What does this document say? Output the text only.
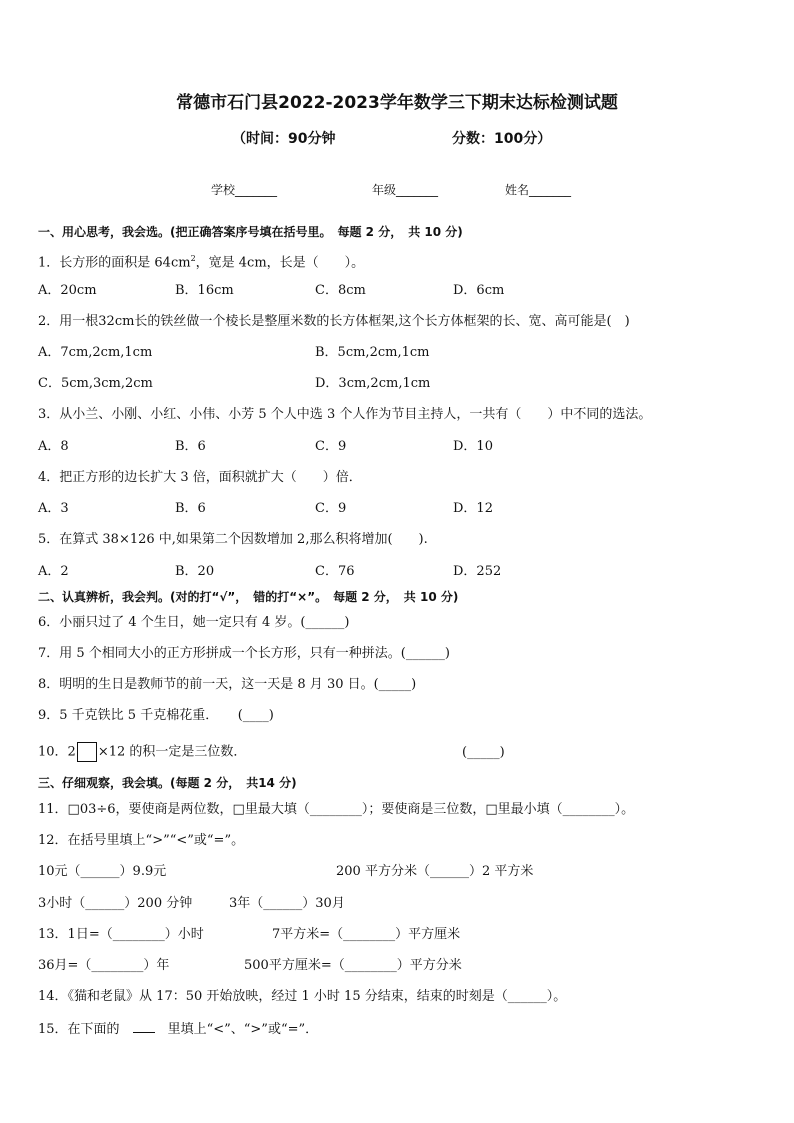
常德市石门县2022-2023学年数学三下期末达标检测试题
（时间：90分钟	分数：100分）
学校_______	年级_______	姓名_______
一、用心思考，我会选。(把正确答案序号填在括号里。　每题 2 分，　共 10 分)
1．长方形的面积是 $64cm^2$，宽是 4cm，长是（　　）。
A．20cm	B．16cm	C．8cm	D．6cm
2．用一根32cm长的铁丝做一个棱长是整厘米数的长方体框架,这个长方体框架的长、宽、高可能是(　)
A．7cm,2cm,1cm	B．5cm,2cm,1cm
C．5cm,3cm,2cm	D．3cm,2cm,1cm
3．从小兰、小刚、小红、小伟、小芳 5 个人中选 3 个人作为节目主持人，一共有（　　）中不同的选法。
A．8	B．6	C．9	D．10
4．把正方形的边长扩大 3 倍，面积就扩大（　　）倍．
A．3	B．6	C．9	D．12
5．在算式 38×126 中,如果第二个因数增加 2,那么积将增加(　　).
A．2	B．20	C．76	D．252
二、认真辨析，我会判。(对的打“√”，　错的打“×”。　每题 2 分，　共 10 分)
6．小丽只过了 4 个生日，她一定只有 4 岁。(______)
7．用 5 个相同大小的正方形拼成一个长方形，只有一种拼法。(______)
8．明明的生日是教师节的前一天，这一天是 8 月 30 日。(_____)
9．5 千克铁比 5 千克棉花重．　　(____)
10．2 ×12 的积一定是三位数．	(_____)
三、仔细观察，我会填。(每题 2 分，　共14 分)
11．□03÷6，要使商是两位数，□里最大填（________）；要使商是三位数，□里最小填（________）。
12．在括号里填上“>”“<”或“=”。
10元（______）9.9元	200 平方分米（______）2 平方米
3小时（______）200 分钟	3年（______）30月
13．1日=（________）小时	7平方米=（________）平方厘米
36月=（________）年	500平方厘米=（________）平方分米
14．《猫和老鼠》从 17：50 开始放映，经过 1 小时 15 分结束，结束的时刻是（______）。
15．在下面的　　	里填上“<”、“>”或“=”．
